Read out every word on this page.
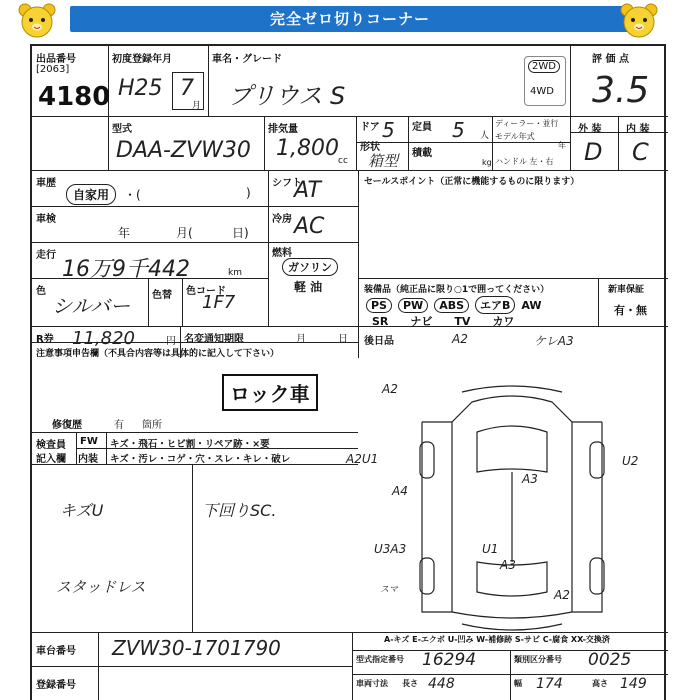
完全ゼロ切りコーナー
出品番号
[2063]
4180
初度登録年月
H25 7
月
車名・グレード
プリウス S
2WD
4WD
評 価 点
3.5
外 装 内 装
D C
型式
DAA-ZVW30
排気量
1,800 cc
ドア 5
形状
箱型
定員 5 人
積載
kg
ディーラー・並行
モデル年式
年
ハンドル 左・右
車歴
自家用	・(	)
シフト
AT	セールスポイント（正常に機能するものに限ります）
車検
年	月(	日)
冷房 AC
走行
16万9千442	km
燃料
ガソリン
軽 油
色
シルバー 色替 色コード
1F7
装備品（純正品に限り○1で囲ってください）	新車保証
有・無
PS PW ABS エアB AW
SR ナビ TV カワ
R券 11,820	円 名変通知期限	月	日 後日品
注意事項申告欄（不具合内容等は具体的に記入して下さい）
ロック車
修復歴	有 箇所
検査員
記入欄
FW
内装
キズ・飛石・ヒビ割・リペア跡・×要
キズ・汚レ・コゲ・穴・スレ・キレ・破レ
キズU	下回りSC.
スタッドレス
A2	ケレA3
A2
A2U1	U2
A3
A4
U3A3	U1
A3
A2
スマ
車台番号 ZVW30-1701790	A-キズ E-エクボ U-凹み W-補修跡 S-サビ C-腐食 XX-交換済
登録番号
型式指定番号 16294	類別区分番号 0025
車両寸法 長さ 448	幅 174	高さ 149
